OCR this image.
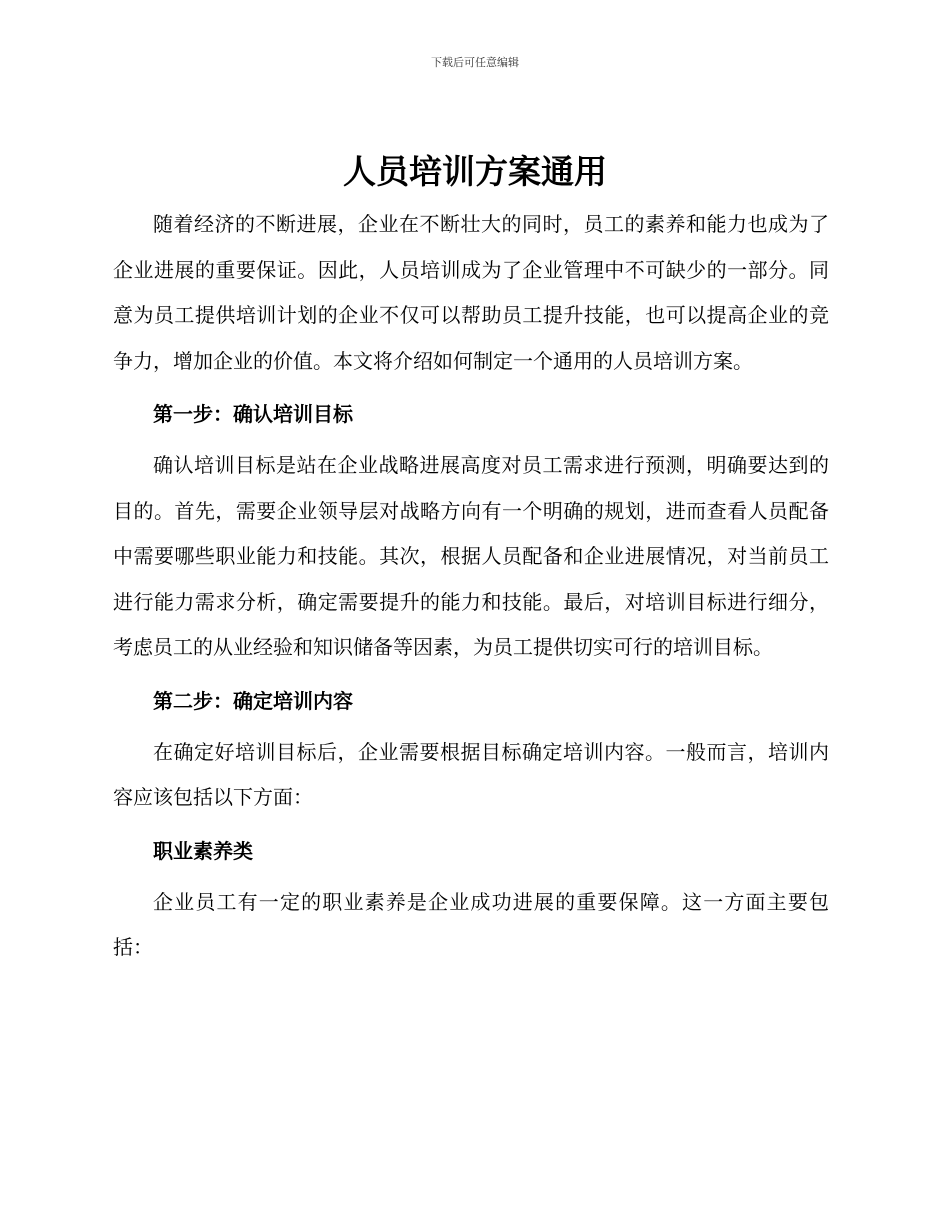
下载后可任意编辑
人员培训方案通用

随着经济的不断进展，企业在不断壮大的同时，员工的素养和能力也成为了企业进展的重要保证。因此，人员培训成为了企业管理中不可缺少的一部分。同意为员工提供培训计划的企业不仅可以帮助员工提升技能，也可以提高企业的竞争力，增加企业的价值。本文将介绍如何制定一个通用的人员培训方案。

第一步：确认培训目标

确认培训目标是站在企业战略进展高度对员工需求进行预测，明确要达到的目的。首先，需要企业领导层对战略方向有一个明确的规划，进而查看人员配备中需要哪些职业能力和技能。其次，根据人员配备和企业进展情况，对当前员工进行能力需求分析，确定需要提升的能力和技能。最后，对培训目标进行细分，考虑员工的从业经验和知识储备等因素，为员工提供切实可行的培训目标。

第二步：确定培训内容

在确定好培训目标后，企业需要根据目标确定培训内容。一般而言，培训内容应该包括以下方面：

职业素养类

企业员工有一定的职业素养是企业成功进展的重要保障。这一方面主要包括：
